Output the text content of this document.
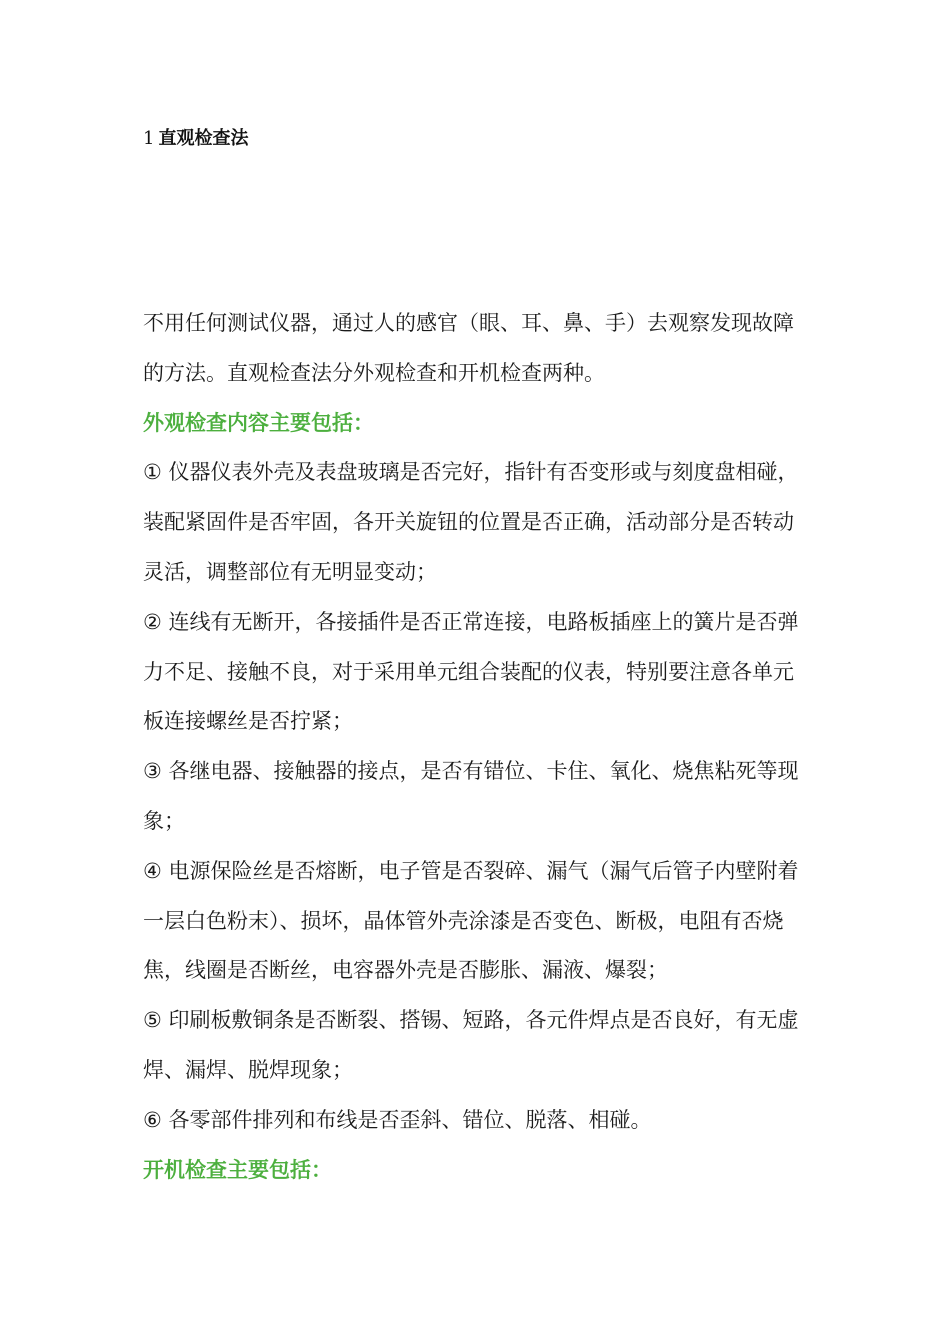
1 直观检查法

不用任何测试仪器，通过人的感官（眼、耳、鼻、手）去观察发现故障的方法。直观检查法分外观检查和开机检查两种。

外观检查内容主要包括：

① 仪器仪表外壳及表盘玻璃是否完好，指针有否变形或与刻度盘相碰，装配紧固件是否牢固，各开关旋钮的位置是否正确，活动部分是否转动灵活，调整部位有无明显变动；

② 连线有无断开，各接插件是否正常连接，电路板插座上的簧片是否弹力不足、接触不良，对于采用单元组合装配的仪表，特别要注意各单元板连接螺丝是否拧紧；

③ 各继电器、接触器的接点，是否有错位、卡住、氧化、烧焦粘死等现象；

④ 电源保险丝是否熔断，电子管是否裂碎、漏气（漏气后管子内壁附着一层白色粉末）、损坏，晶体管外壳涂漆是否变色、断极，电阻有否烧焦，线圈是否断丝，电容器外壳是否膨胀、漏液、爆裂；

⑤ 印刷板敷铜条是否断裂、搭锡、短路，各元件焊点是否良好，有无虚焊、漏焊、脱焊现象；

⑥ 各零部件排列和布线是否歪斜、错位、脱落、相碰。

开机检查主要包括：
